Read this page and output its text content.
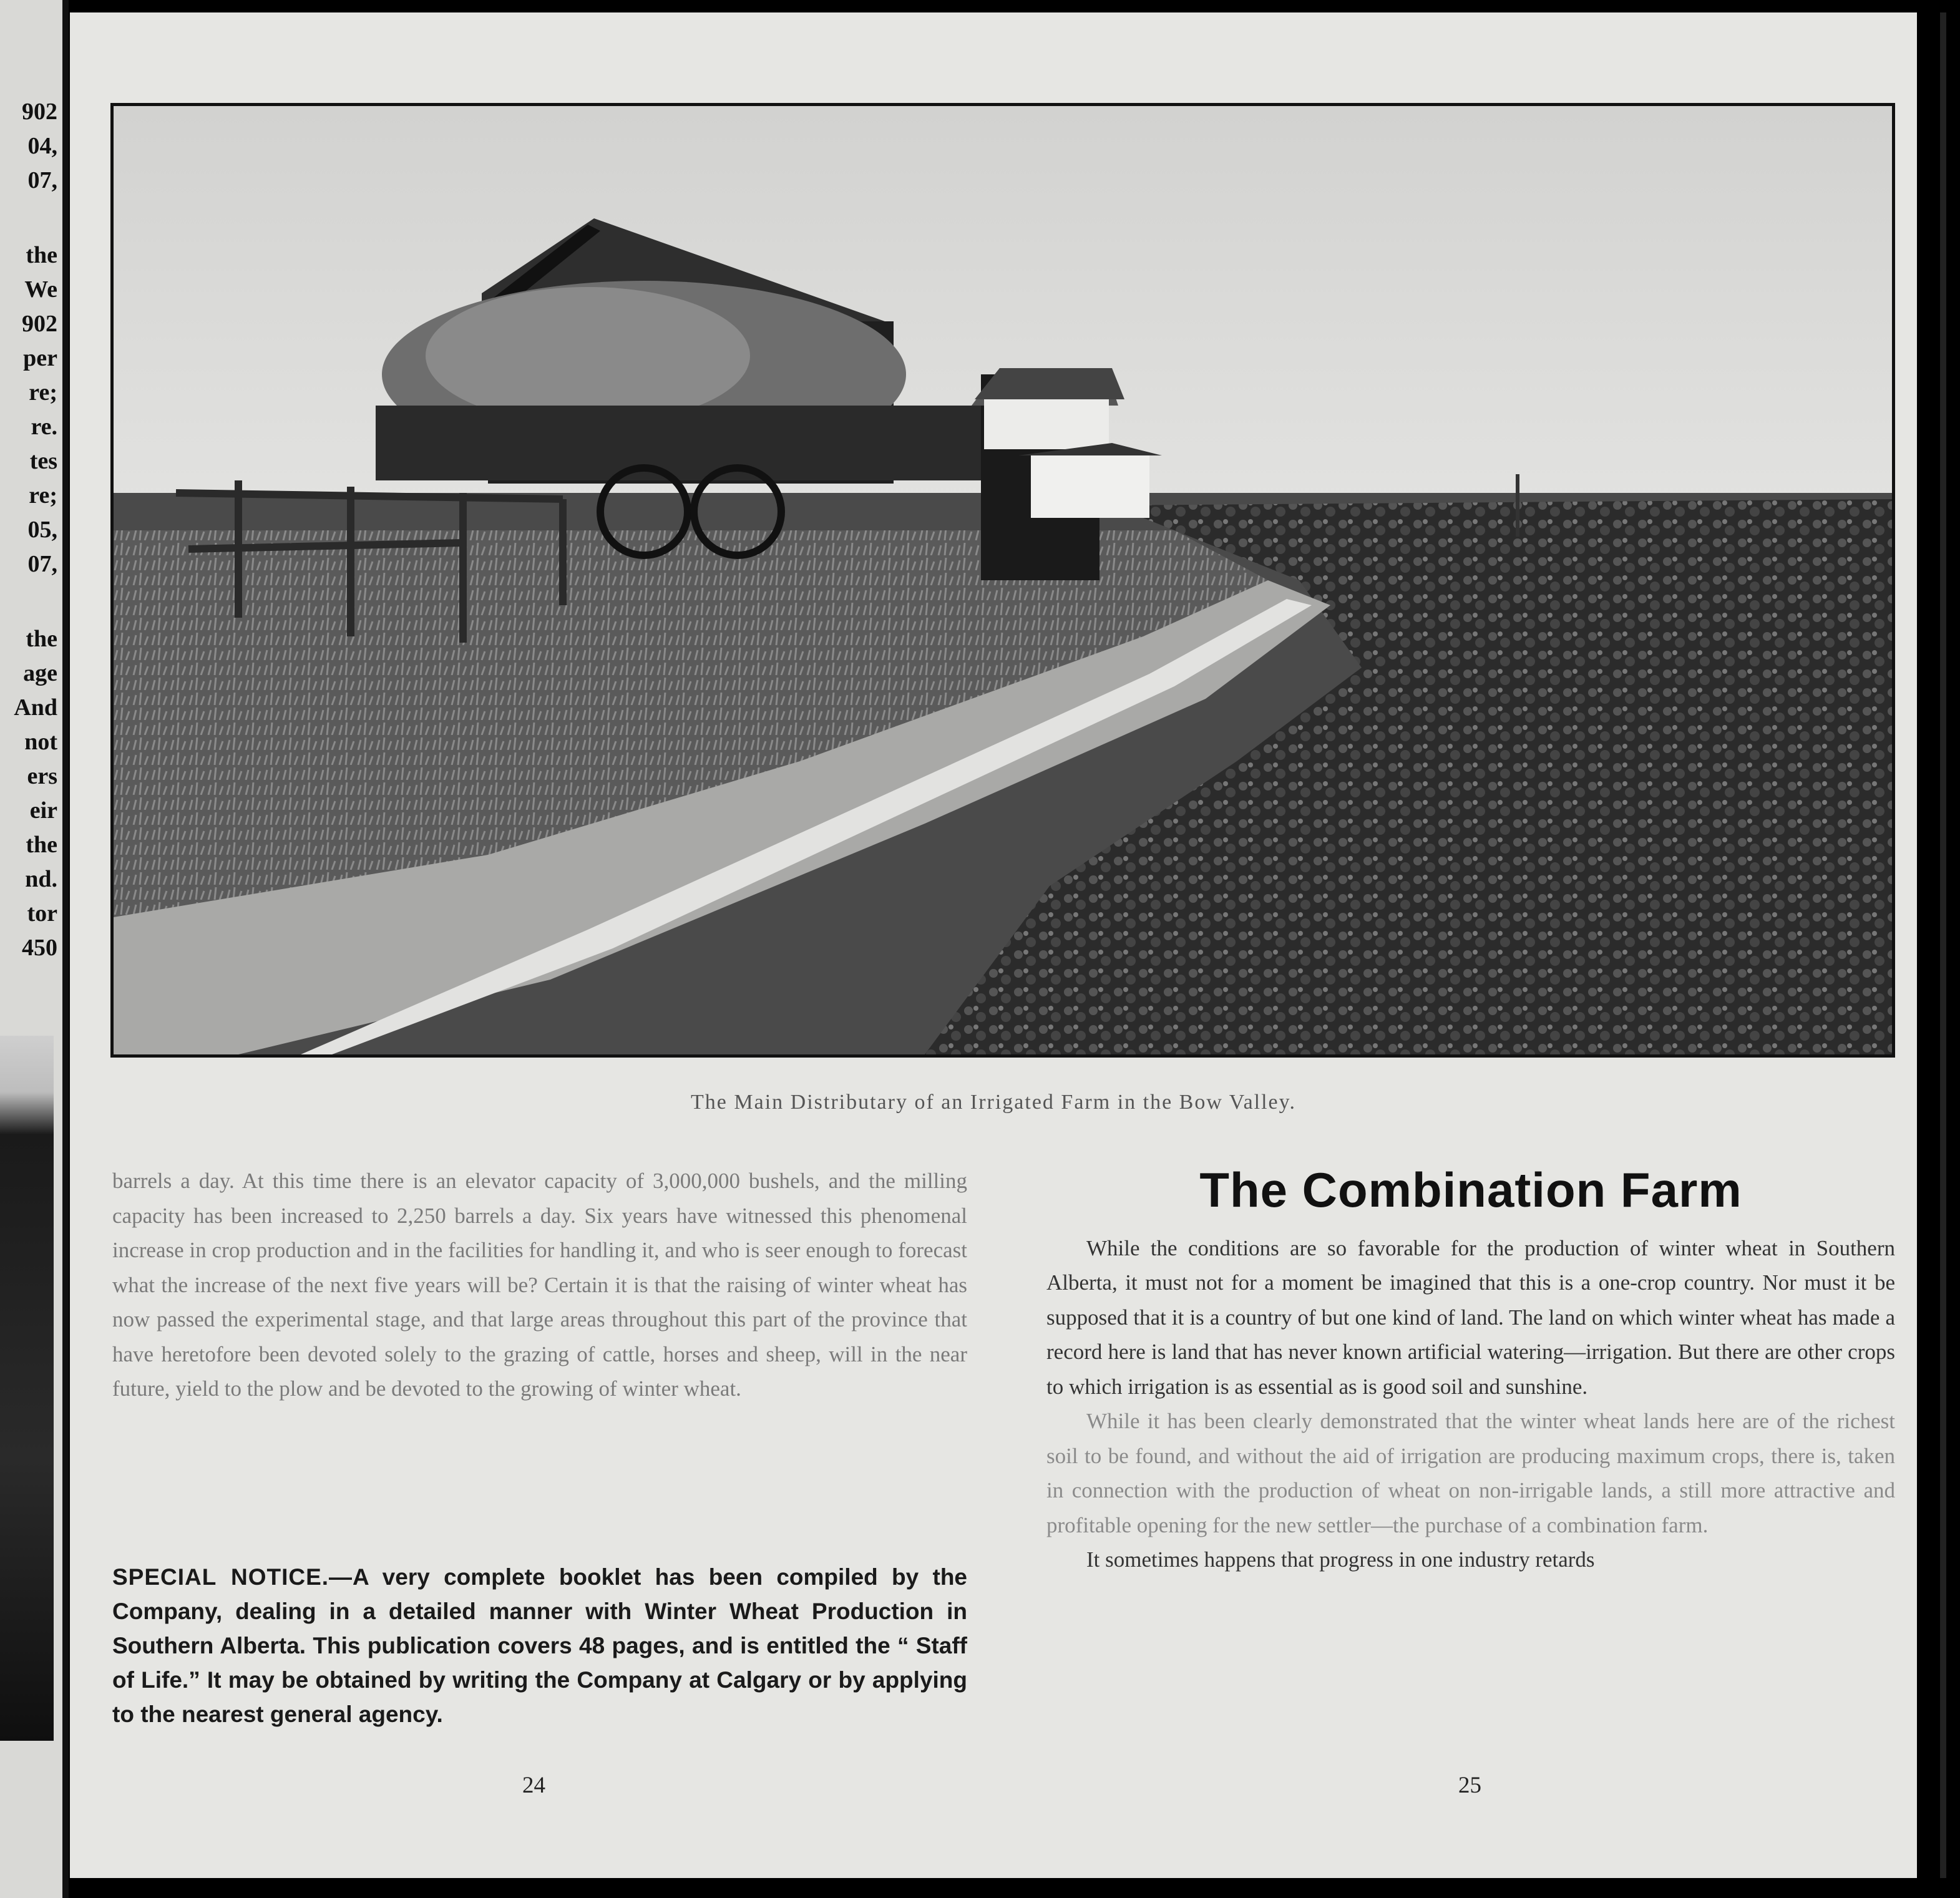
902
04,
07,
the
We
902
per
re;
re.
tes
re;
05,
07,
the
age
And
not
ers
eir
the
nd.
tor
450
The Main Distributary of an Irrigated Farm in the Bow Valley.

barrels a day. At this time there is an elevator capacity of 3,000,000 bushels, and the milling capacity has been increased to 2,250 barrels a day. Six years have witnessed this phenomenal increase in crop production and in the facilities for handling it, and who is seer enough to forecast what the increase of the next five years will be? Certain it is that the raising of winter wheat has now passed the experimental stage, and that large areas throughout this part of the province that have heretofore been devoted solely to the grazing of cattle, horses and sheep, will in the near future, yield to the plow and be devoted to the growing of winter wheat.

SPECIAL NOTICE.—A very complete booklet has been compiled by the Company, dealing in a detailed manner with Winter Wheat Production in Southern Alberta. This publication covers 48 pages, and is entitled the “ Staff of Life.” It may be obtained by writing the Company at Calgary or by applying to the nearest general agency.
24
The Combination Farm

While the conditions are so favorable for the production of winter wheat in Southern Alberta, it must not for a moment be imagined that this is a one-crop country. Nor must it be supposed that it is a country of but one kind of land. The land on which winter wheat has made a record here is land that has never known artificial watering—irrigation. But there are other crops to which irrigation is as essential as is good soil and sunshine.

While it has been clearly demonstrated that the winter wheat lands here are of the richest soil to be found, and without the aid of irrigation are producing maximum crops, there is, taken in connection with the production of wheat on non-irrigable lands, a still more attractive and profitable opening for the new settler—the purchase of a combination farm.

It sometimes happens that progress in one industry retards

25
